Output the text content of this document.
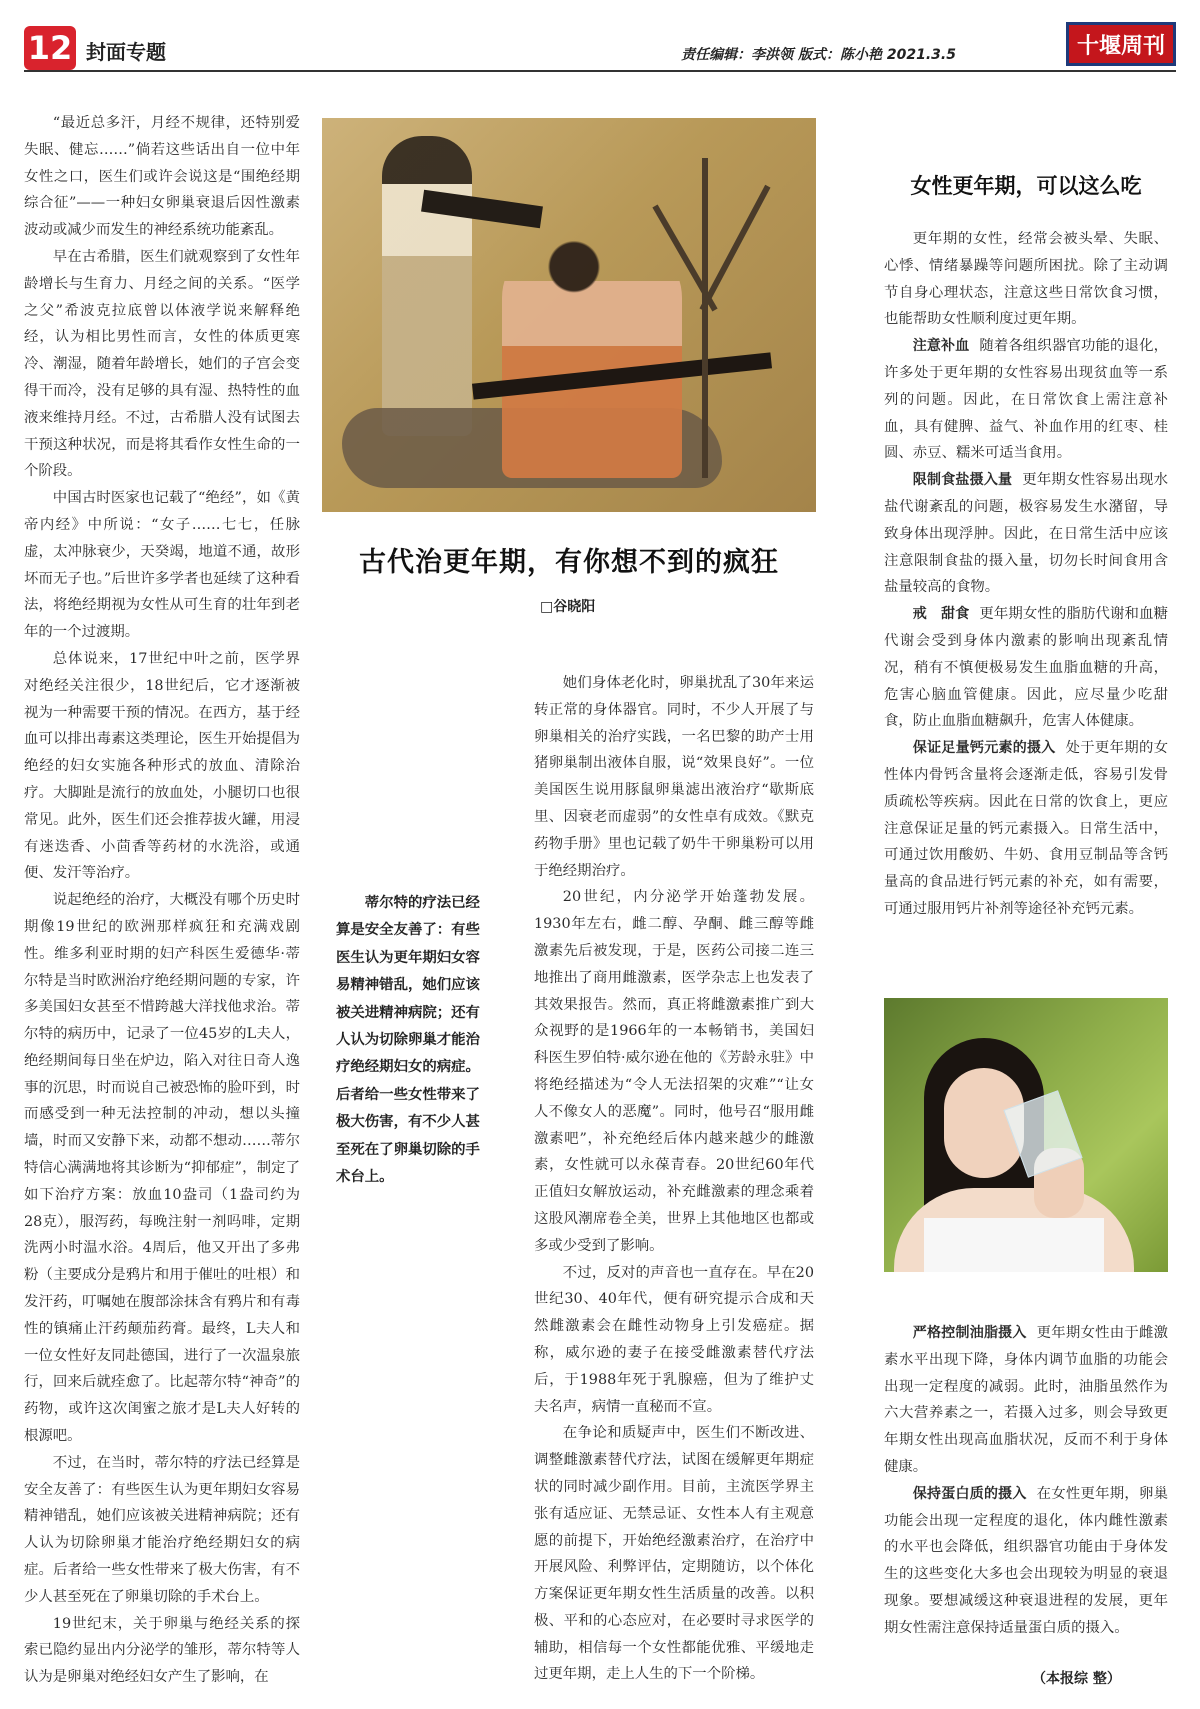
12 封面专题	责任编辑：李洪领 版式：陈小艳 2021.3.5	十堰周刊

“最近总多汗，月经不规律，还特别爱失眠、健忘……”倘若这些话出自一位中年女性之口，医生们或许会说这是“围绝经期综合征”——一种妇女卵巢衰退后因性激素波动或减少而发生的神经系统功能紊乱。

早在古希腊，医生们就观察到了女性年龄增长与生育力、月经之间的关系。“医学之父”希波克拉底曾以体液学说来解释绝经，认为相比男性而言，女性的体质更寒冷、潮湿，随着年龄增长，她们的子宫会变得干而冷，没有足够的具有湿、热特性的血液来维持月经。不过，古希腊人没有试图去干预这种状况，而是将其看作女性生命的一个阶段。

中国古时医家也记载了“绝经”，如《黄帝内经》中所说：“女子……七七，任脉虚，太冲脉衰少，天癸竭，地道不通，故形坏而无子也。”后世许多学者也延续了这种看法，将绝经期视为女性从可生育的壮年到老年的一个过渡期。

总体说来，17世纪中叶之前，医学界对绝经关注很少，18世纪后，它才逐渐被视为一种需要干预的情况。在西方，基于经血可以排出毒素这类理论，医生开始提倡为绝经的妇女实施各种形式的放血、清除治疗。大脚趾是流行的放血处，小腿切口也很常见。此外，医生们还会推荐拔火罐，用浸有迷迭香、小茴香等药材的水洗浴，或通便、发汗等治疗。

说起绝经的治疗，大概没有哪个历史时期像19世纪的欧洲那样疯狂和充满戏剧性。维多利亚时期的妇产科医生爱德华·蒂尔特是当时欧洲治疗绝经期问题的专家，许多美国妇女甚至不惜跨越大洋找他求治。蒂尔特的病历中，记录了一位45岁的L夫人，绝经期间每日坐在炉边，陷入对往日奇人逸事的沉思，时而说自己被恐怖的脸吓到，时而感受到一种无法控制的冲动，想以头撞墙，时而又安静下来，动都不想动……蒂尔特信心满满地将其诊断为“抑郁症”，制定了如下治疗方案：放血10盎司（1盎司约为28克），服泻药，每晚注射一剂吗啡，定期洗两小时温水浴。4周后，他又开出了多弗粉（主要成分是鸦片和用于催吐的吐根）和发汗药，叮嘱她在腹部涂抹含有鸦片和有毒性的镇痛止汗药颠茄药膏。最终，L夫人和一位女性好友同赴德国，进行了一次温泉旅行，回来后就痊愈了。比起蒂尔特“神奇”的药物，或许这次闺蜜之旅才是L夫人好转的根源吧。

不过，在当时，蒂尔特的疗法已经算是安全友善了：有些医生认为更年期妇女容易精神错乱，她们应该被关进精神病院；还有人认为切除卵巢才能治疗绝经期妇女的病症。后者给一些女性带来了极大伤害，有不少人甚至死在了卵巢切除的手术台上。

19世纪末，关于卵巢与绝经关系的探索已隐约显出内分泌学的雏形，蒂尔特等人认为是卵巢对绝经妇女产生了影响，在

古代治更年期，有你想不到的疯狂
□谷晓阳

蒂尔特的疗法已经算是安全友善了：有些医生认为更年期妇女容易精神错乱，她们应该被关进精神病院；还有人认为切除卵巢才能治疗绝经期妇女的病症。后者给一些女性带来了极大伤害，有不少人甚至死在了卵巢切除的手术台上。

她们身体老化时，卵巢扰乱了30年来运转正常的身体器官。同时，不少人开展了与卵巢相关的治疗实践，一名巴黎的助产士用猪卵巢制出液体自服，说“效果良好”。一位美国医生说用豚鼠卵巢滤出液治疗“歇斯底里、因衰老而虚弱”的女性卓有成效。《默克药物手册》里也记载了奶牛干卵巢粉可以用于绝经期治疗。

20世纪，内分泌学开始蓬勃发展。1930年左右，雌二醇、孕酮、雌三醇等雌激素先后被发现，于是，医药公司接二连三地推出了商用雌激素，医学杂志上也发表了其效果报告。然而，真正将雌激素推广到大众视野的是1966年的一本畅销书，美国妇科医生罗伯特·威尔逊在他的《芳龄永驻》中将绝经描述为“令人无法招架的灾难”“让女人不像女人的恶魔”。同时，他号召“服用雌激素吧”，补充绝经后体内越来越少的雌激素，女性就可以永葆青春。20世纪60年代正值妇女解放运动，补充雌激素的理念乘着这股风潮席卷全美，世界上其他地区也都或多或少受到了影响。

不过，反对的声音也一直存在。早在20世纪30、40年代，便有研究提示合成和天然雌激素会在雌性动物身上引发癌症。据称，威尔逊的妻子在接受雌激素替代疗法后，于1988年死于乳腺癌，但为了维护丈夫名声，病情一直秘而不宣。

在争论和质疑声中，医生们不断改进、调整雌激素替代疗法，试图在缓解更年期症状的同时减少副作用。目前，主流医学界主张有适应证、无禁忌证、女性本人有主观意愿的前提下，开始绝经激素治疗，在治疗中开展风险、利弊评估，定期随访，以个体化方案保证更年期女性生活质量的改善。以积极、平和的心态应对，在必要时寻求医学的辅助，相信每一个女性都能优雅、平缓地走过更年期，走上人生的下一个阶梯。

女性更年期，可以这么吃

更年期的女性，经常会被头晕、失眠、心悸、情绪暴躁等问题所困扰。除了主动调节自身心理状态，注意这些日常饮食习惯，也能帮助女性顺利度过更年期。

注意补血 随着各组织器官功能的退化，许多处于更年期的女性容易出现贫血等一系列的问题。因此，在日常饮食上需注意补血，具有健脾、益气、补血作用的红枣、桂圆、赤豆、糯米可适当食用。

限制食盐摄入量 更年期女性容易出现水盐代谢紊乱的问题，极容易发生水潴留，导致身体出现浮肿。因此，在日常生活中应该注意限制食盐的摄入量，切勿长时间食用含盐量较高的食物。

戒　甜食 更年期女性的脂肪代谢和血糖代谢会受到身体内激素的影响出现紊乱情况，稍有不慎便极易发生血脂血糖的升高，危害心脑血管健康。因此，应尽量少吃甜食，防止血脂血糖飙升，危害人体健康。

保证足量钙元素的摄入 处于更年期的女性体内骨钙含量将会逐渐走低，容易引发骨质疏松等疾病。因此在日常的饮食上，更应注意保证足量的钙元素摄入。日常生活中，可通过饮用酸奶、牛奶、食用豆制品等含钙量高的食品进行钙元素的补充，如有需要，可通过服用钙片补剂等途径补充钙元素。

严格控制油脂摄入 更年期女性由于雌激素水平出现下降，身体内调节血脂的功能会出现一定程度的减弱。此时，油脂虽然作为六大营养素之一，若摄入过多，则会导致更年期女性出现高血脂状况，反而不利于身体健康。

保持蛋白质的摄入 在女性更年期，卵巢功能会出现一定程度的退化，体内雌性激素的水平也会降低，组织器官功能由于身体发生的这些变化大多也会出现较为明显的衰退现象。要想减缓这种衰退进程的发展，更年期女性需注意保持适量蛋白质的摄入。

（本报综 整）
